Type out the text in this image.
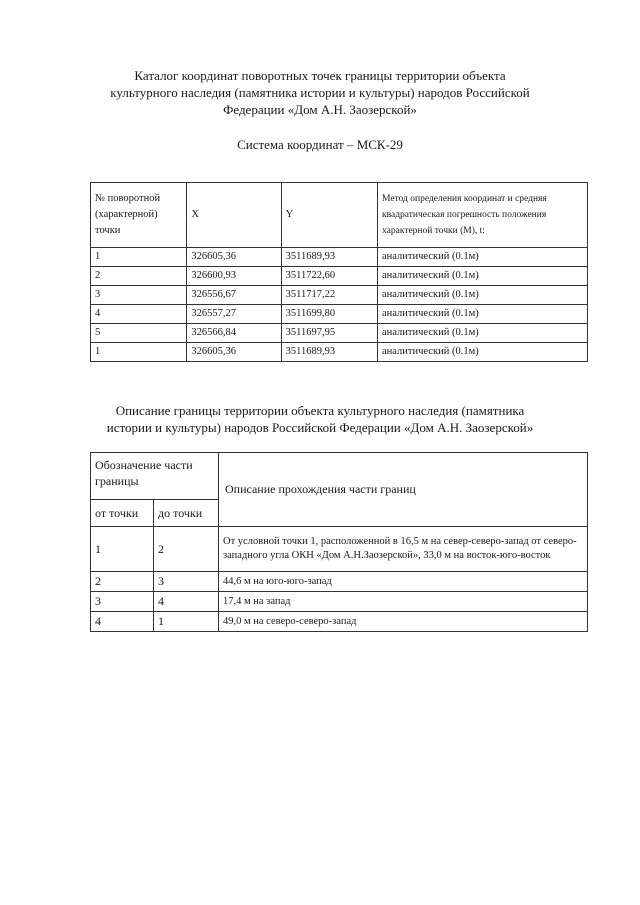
Каталог координат поворотных точек границы территории объекта
культурного наследия (памятника истории и культуры) народов Российской
Федерации «Дом А.Н. Заозерской»
Система координат – МСК-29
№ поворотной (характерной) точки	X	Y	Метод определения координат и средняя квадратическая погрешность положения характерной точки (М), t:
1	326605,36	3511689,93	аналитический (0.1м)
2	326600,93	3511722,60	аналитический (0.1м)
3	326556,67	3511717,22	аналитический (0.1м)
4	326557,27	3511699,80	аналитический (0.1м)
5	326566,84	3511697,95	аналитический (0.1м)
1	326605,36	3511689,93	аналитический (0.1м)
Описание границы территории объекта культурного наследия (памятника
истории и культуры) народов Российской Федерации «Дом А.Н. Заозерской»
Обозначение части границы		Описание прохождения части границ
от точки	до точки	
1	2	От условной точки 1, расположенной в 16,5 м на север-северо-запад от северо-западного угла ОКН «Дом А.Н.Заозерской», 33,0 м на восток-юго-восток
2	3	44,6 м на юго-юго-запад
3	4	17,4 м на запад
4	1	49,0 м на северо-северо-запад
